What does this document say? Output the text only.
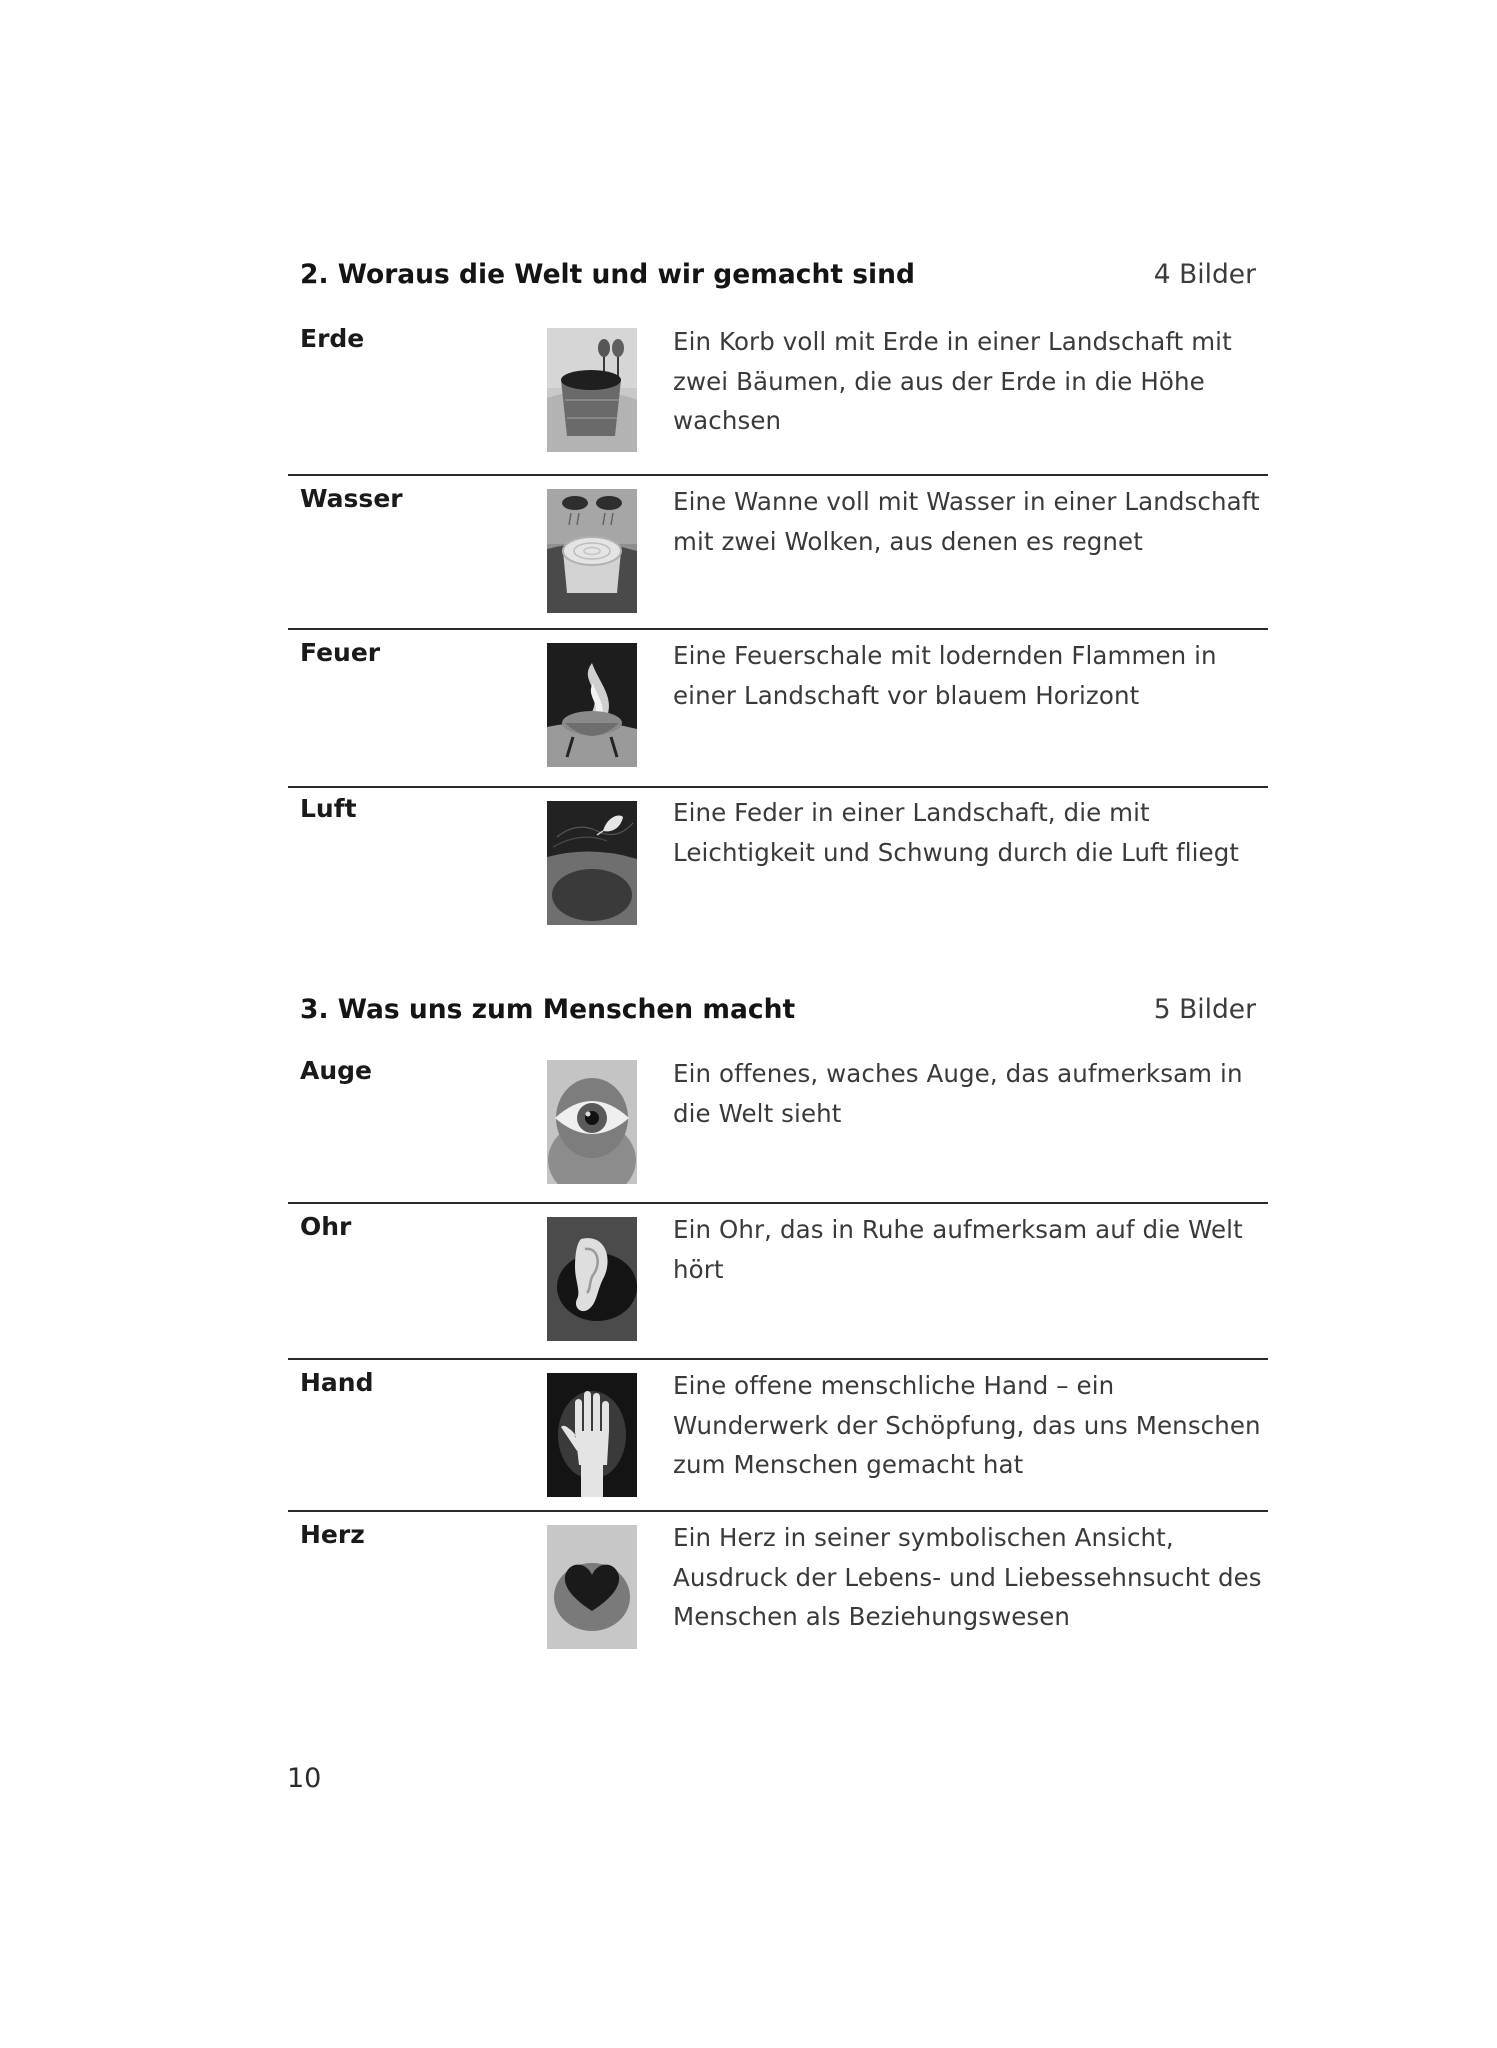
2. Woraus die Welt und wir gemacht sind	4 Bilder
Erde	Ein Korb voll mit Erde in einer Landschaft mit zwei Bäumen, die aus der Erde in die Höhe wachsen
Wasser	Eine Wanne voll mit Wasser in einer Landschaft mit zwei Wolken, aus denen es regnet
Feuer	Eine Feuerschale mit lodernden Flammen in einer Landschaft vor blauem Horizont
Luft	Eine Feder in einer Landschaft, die mit Leichtigkeit und Schwung durch die Luft fliegt
3. Was uns zum Menschen macht	5 Bilder
Auge	Ein offenes, waches Auge, das aufmerksam in die Welt sieht
Ohr	Ein Ohr, das in Ruhe aufmerksam auf die Welt hört
Hand	Eine offene menschliche Hand – ein Wunderwerk der Schöpfung, das uns Menschen zum Menschen gemacht hat
Herz	Ein Herz in seiner symbolischen Ansicht, Ausdruck der Lebens- und Liebessehnsucht des Menschen als Beziehungswesen
10
